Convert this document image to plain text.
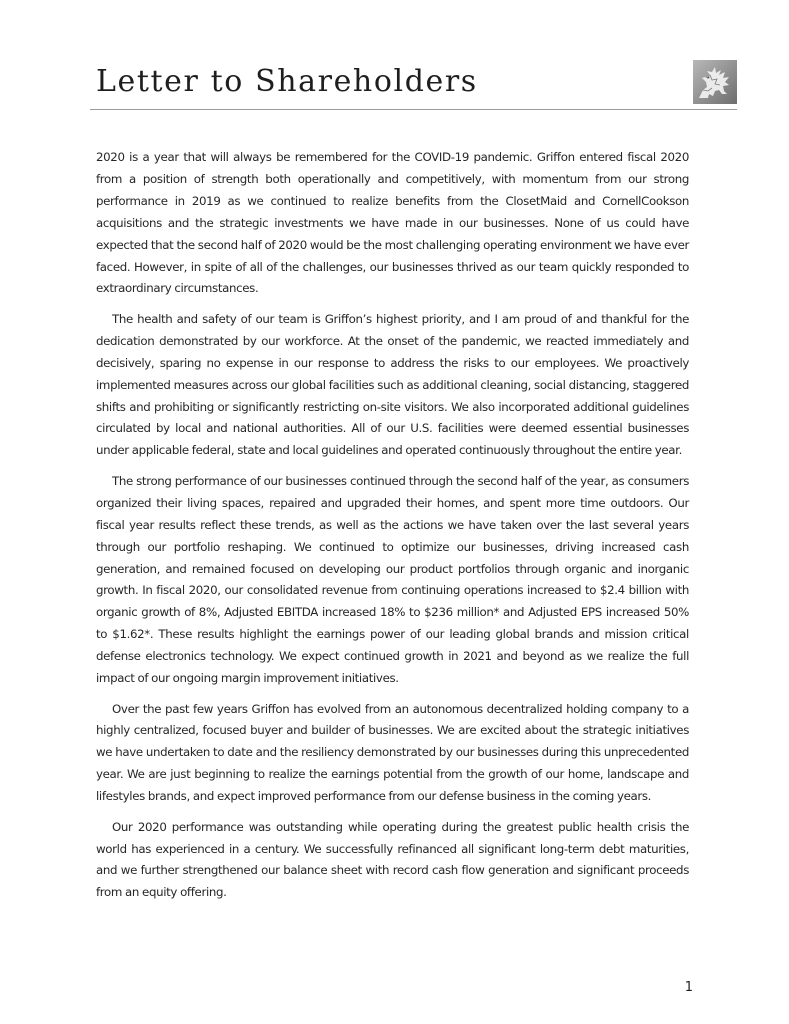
Letter to Shareholders

2020 is a year that will always be remembered for the COVID-19 pandemic. Griffon entered fiscal 2020 from a position of strength both operationally and competitively, with momentum from our strong performance in 2019 as we continued to realize benefits from the ClosetMaid and CornellCookson acquisitions and the strategic investments we have made in our businesses. None of us could have expected that the second half of 2020 would be the most challenging operating environment we have ever faced. However, in spite of all of the challenges, our businesses thrived as our team quickly responded to extraordinary circumstances.

The health and safety of our team is Griffon’s highest priority, and I am proud of and thankful for the dedication demonstrated by our workforce. At the onset of the pandemic, we reacted immediately and decisively, sparing no expense in our response to address the risks to our employees. We proactively implemented measures across our global facilities such as additional cleaning, social distancing, staggered shifts and prohibiting or significantly restricting on-site visitors. We also incorporated additional guidelines circulated by local and national authorities. All of our U.S. facilities were deemed essential businesses under applicable federal, state and local guidelines and operated continuously throughout the entire year.

The strong performance of our businesses continued through the second half of the year, as consumers organized their living spaces, repaired and upgraded their homes, and spent more time outdoors. Our fiscal year results reflect these trends, as well as the actions we have taken over the last several years through our portfolio reshaping. We continued to optimize our businesses, driving increased cash generation, and remained focused on developing our product portfolios through organic and inorganic growth. In fiscal 2020, our consolidated revenue from continuing operations increased to $2.4 billion with organic growth of 8%, Adjusted EBITDA increased 18% to $236 million* and Adjusted EPS increased 50% to $1.62*. These results highlight the earnings power of our leading global brands and mission critical defense electronics technology. We expect continued growth in 2021 and beyond as we realize the full impact of our ongoing margin improvement initiatives.

Over the past few years Griffon has evolved from an autonomous decentralized holding company to a highly centralized, focused buyer and builder of businesses. We are excited about the strategic initiatives we have undertaken to date and the resiliency demonstrated by our businesses during this unprecedented year. We are just beginning to realize the earnings potential from the growth of our home, landscape and lifestyles brands, and expect improved performance from our defense business in the coming years.

Our 2020 performance was outstanding while operating during the greatest public health crisis the world has experienced in a century. We successfully refinanced all significant long-term debt maturities, and we further strengthened our balance sheet with record cash flow generation and significant proceeds from an equity offering.

1
